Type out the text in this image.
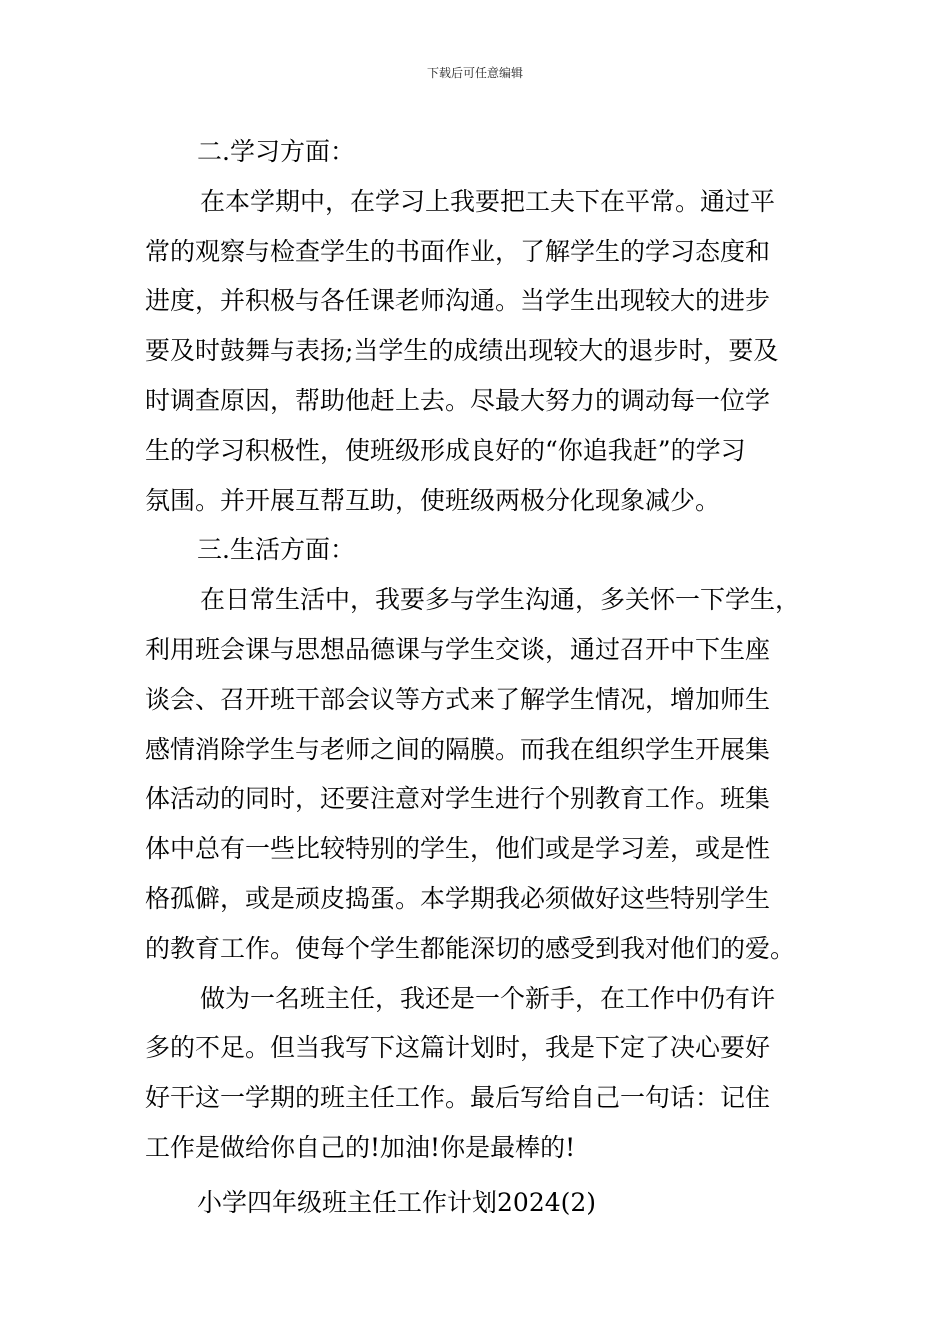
下载后可任意编辑
二.学习方面：
在本学期中，在学习上我要把工夫下在平常。通过平
常的观察与检查学生的书面作业，了解学生的学习态度和
进度，并积极与各任课老师沟通。当学生出现较大的进步
要及时鼓舞与表扬;当学生的成绩出现较大的退步时，要及
时调查原因，帮助他赶上去。尽最大努力的调动每一位学
生的学习积极性，使班级形成良好的“你追我赶”的学习
氛围。并开展互帮互助，使班级两极分化现象减少。
三.生活方面：
在日常生活中，我要多与学生沟通，多关怀一下学生，
利用班会课与思想品德课与学生交谈，通过召开中下生座
谈会、召开班干部会议等方式来了解学生情况，增加师生
感情消除学生与老师之间的隔膜。而我在组织学生开展集
体活动的同时，还要注意对学生进行个别教育工作。班集
体中总有一些比较特别的学生，他们或是学习差，或是性
格孤僻，或是顽皮捣蛋。本学期我必须做好这些特别学生
的教育工作。使每个学生都能深切的感受到我对他们的爱。
做为一名班主任，我还是一个新手，在工作中仍有许
多的不足。但当我写下这篇计划时，我是下定了决心要好
好干这一学期的班主任工作。最后写给自己一句话：记住
工作是做给你自己的!加油!你是最棒的!
小学四年级班主任工作计划2024(2)
